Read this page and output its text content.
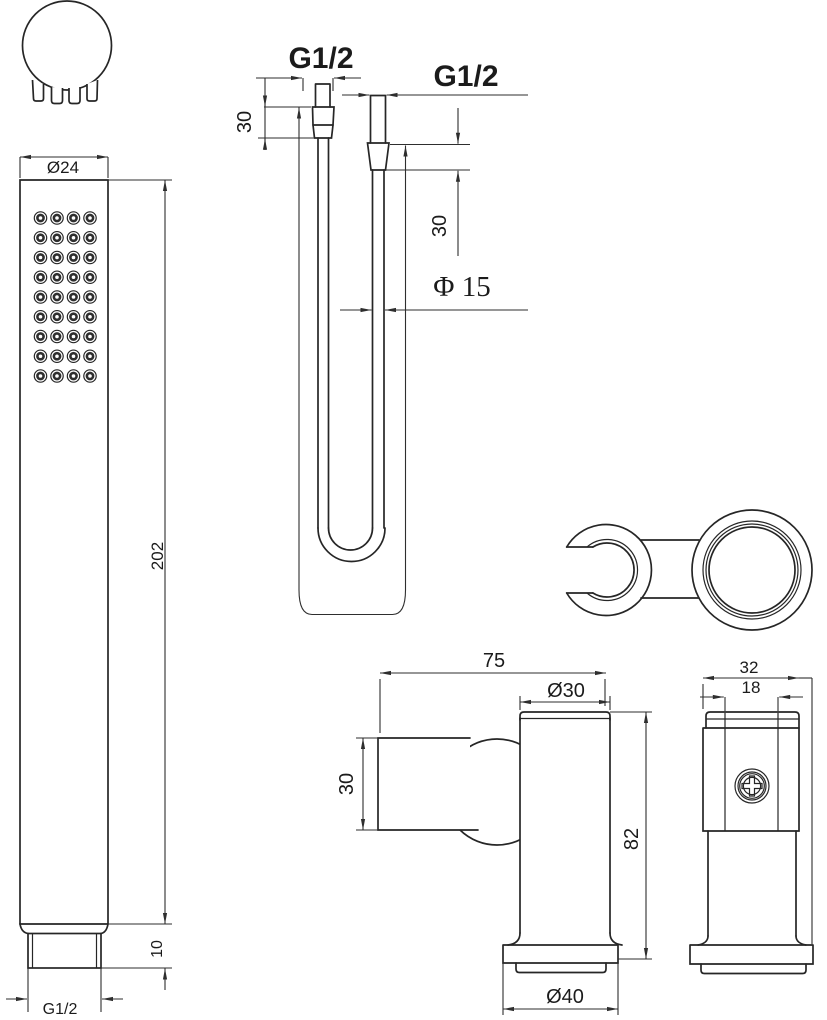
Ø24
202
10
G1/2
G1/2
30
G1/2
30
Φ 15
75
Ø30
30
82
Ø40
32
18
